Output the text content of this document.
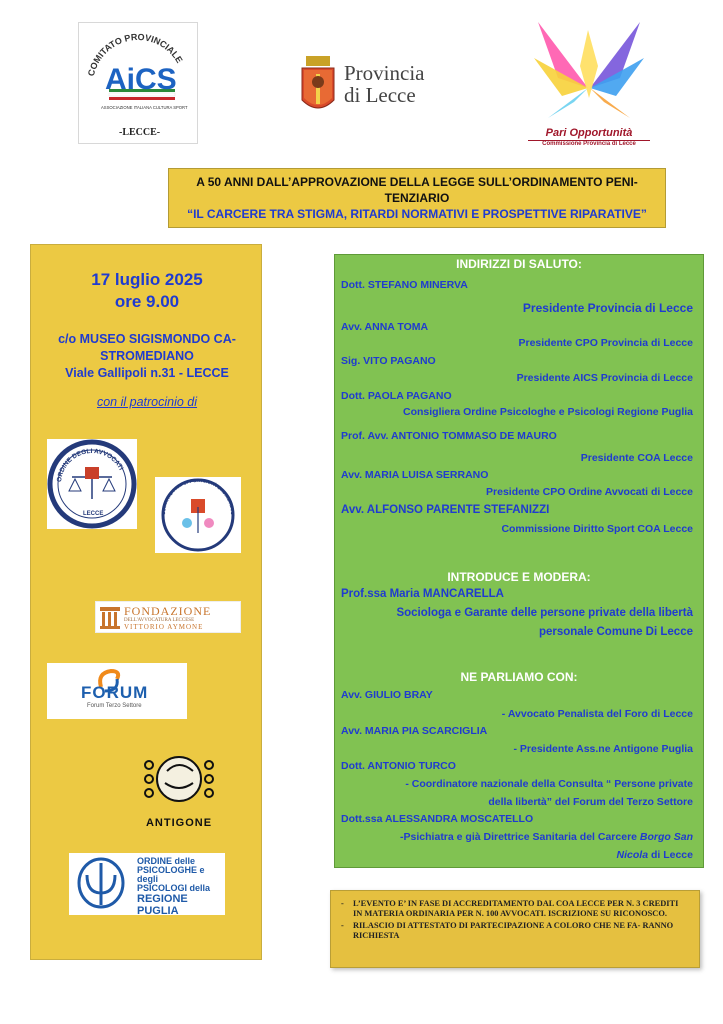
COMITATO PROVINCIALE
AiCS
ASSOCIAZIONE ITALIANA CULTURA SPORT
-LECCE-
Provincia
di Lecce
Pari Opportunità
Commissione Provincia di Lecce
A 50 ANNI DALL’APPROVAZIONE DELLA LEGGE SULL’ORDINAMENTO PENI-
TENZIARIO
“IL CARCERE TRA STIGMA, RITARDI NORMATIVI E PROSPETTIVE RIPARATIVE”
17 luglio 2025
ore 9.00
c/o MUSEO SIGISMONDO CA-
STROMEDIANO
Viale Gallipoli n.31 - LECCE
con il patrocinio di
ORDINE DEGLI AVVOCATI
LECCE	COMITATO PARI OPPORTUNITÀ ORDINE AVVO
FONDAZIONE
DELL'AVVOCATURA LECCESE
VITTORIO AYMONE
FORUM
Forum Terzo Settore
ANTIGONE
ORDINE delle
PSICOLOGHE e degli
PSICOLOGI della
REGIONE
PUGLIA
INDIRIZZI DI SALUTO:
Dott. STEFANO MINERVA
Presidente Provincia di Lecce
Avv. ANNA TOMA
Presidente CPO Provincia di Lecce
Sig. VITO PAGANO
Presidente AICS Provincia di Lecce
Dott. PAOLA PAGANO
Consigliera Ordine Psicologhe e Psicologi Regione Puglia
Prof. Avv. ANTONIO TOMMASO DE MAURO
Presidente COA Lecce
Avv. MARIA LUISA SERRANO
Presidente CPO Ordine Avvocati di Lecce
Avv. ALFONSO PARENTE STEFANIZZI
Commissione Diritto Sport COA Lecce
INTRODUCE E MODERA:
Prof.ssa Maria MANCARELLA
Sociologa e Garante delle persone private della libertà
personale Comune Di Lecce
NE PARLIAMO CON:
Avv. GIULIO BRAY
- Avvocato Penalista del Foro di Lecce
Avv. MARIA PIA SCARCIGLIA
- Presidente Ass.ne Antigone Puglia
Dott. ANTONIO TURCO
- Coordinatore nazionale della Consulta “ Persone private
della libertà” del Forum del Terzo Settore
Dott.ssa ALESSANDRA MOSCATELLO
-Psichiatra e già Direttrice Sanitaria del Carcere Borgo San
Nicola di Lecce
- L’EVENTO E’ IN FASE DI ACCREDITAMENTO DAL COA LECCE PER N. 3 CREDITI IN MATERIA ORDINARIA PER N. 100 AVVOCATI. ISCRIZIONE SU RICONOSCO.
- RILASCIO DI ATTESTATO DI PARTECIPAZIONE A COLORO CHE NE FA- RANNO RICHIESTA
